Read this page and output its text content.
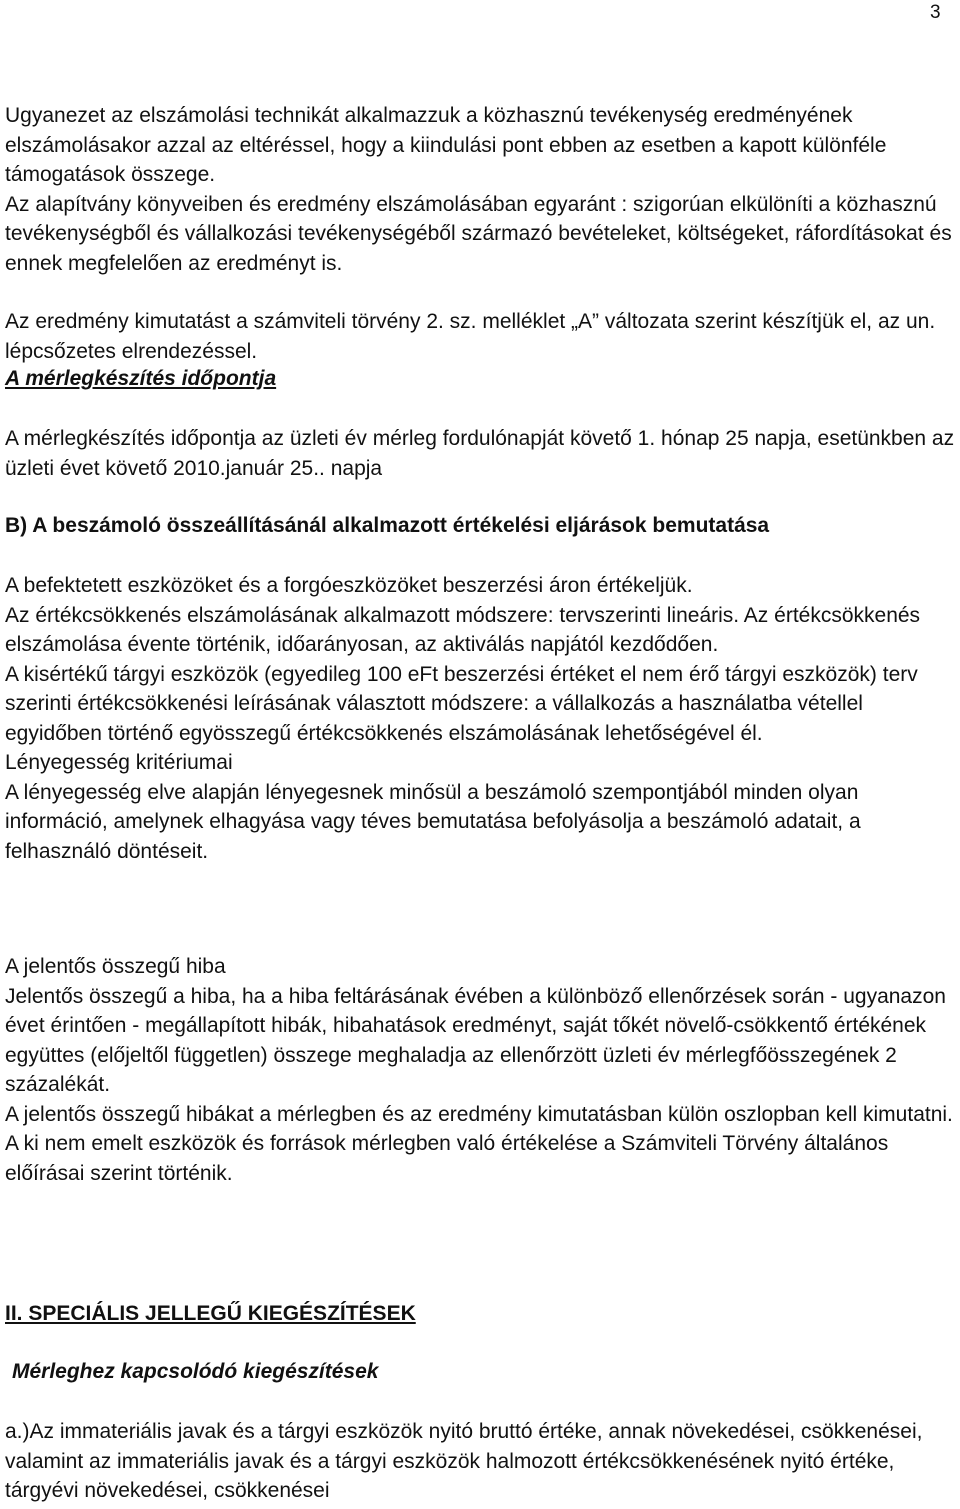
3
Ugyanezet az elszámolási technikát alkalmazzuk a közhasznú tevékenység eredményének elszámolásakor azzal az eltéréssel, hogy a kiindulási pont ebben az esetben a kapott különféle támogatások összege.
Az alapítvány könyveiben és eredmény elszámolásában egyaránt : szigorúan elkülöníti a közhasznú tevékenységből és vállalkozási tevékenységéből származó bevételeket, költségeket, ráfordításokat és ennek megfelelően az eredményt is.
Az eredmény kimutatást a számviteli törvény 2. sz. melléklet „A” változata szerint készítjük el, az un. lépcsőzetes elrendezéssel.
A mérlegkészítés időpontja
A mérlegkészítés időpontja az üzleti év mérleg fordulónapját követő 1. hónap 25 napja, esetünkben az üzleti évet követő 2010.január 25.. napja
B) A beszámoló összeállításánál alkalmazott értékelési eljárások bemutatása
A befektetett eszközöket és a forgóeszközöket beszerzési áron értékeljük.
Az értékcsökkenés elszámolásának alkalmazott módszere: tervszerinti lineáris. Az értékcsökkenés elszámolása évente történik, időarányosan, az aktiválás napjától kezdődően.
A kisértékű tárgyi eszközök (egyedileg 100 eFt beszerzési értéket el nem érő tárgyi eszközök) terv szerinti értékcsökkenési leírásának választott módszere: a vállalkozás a használatba vétellel egyidőben történő egyösszegű értékcsökkenés elszámolásának lehetőségével él.
Lényegesség kritériumai
A lényegesség elve alapján lényegesnek minősül a beszámoló szempontjából minden olyan információ, amelynek elhagyása vagy téves bemutatása befolyásolja a beszámoló adatait, a felhasználó döntéseit.
A jelentős összegű hiba
Jelentős összegű a hiba, ha a hiba feltárásának évében a különböző ellenőrzések során - ugyanazon évet érintően - megállapított hibák, hibahatások eredményt, saját tőkét növelő-csökkentő értékének együttes (előjeltől független) összege meghaladja az ellenőrzött üzleti év mérlegfőösszegének 2 százalékát.
A jelentős összegű hibákat a mérlegben és az eredmény kimutatásban külön oszlopban kell kimutatni.
A ki nem emelt eszközök és források mérlegben való értékelése a Számviteli Törvény általános előírásai szerint történik.
II. SPECIÁLIS JELLEGŰ KIEGÉSZÍTÉSEK
Mérleghez kapcsolódó kiegészítések
a.)Az immateriális javak és a tárgyi eszközök nyitó bruttó értéke, annak növekedései, csökkenései, valamint az immateriális javak és a tárgyi eszközök halmozott értékcsökkenésének nyitó értéke, tárgyévi növekedései, csökkenései
